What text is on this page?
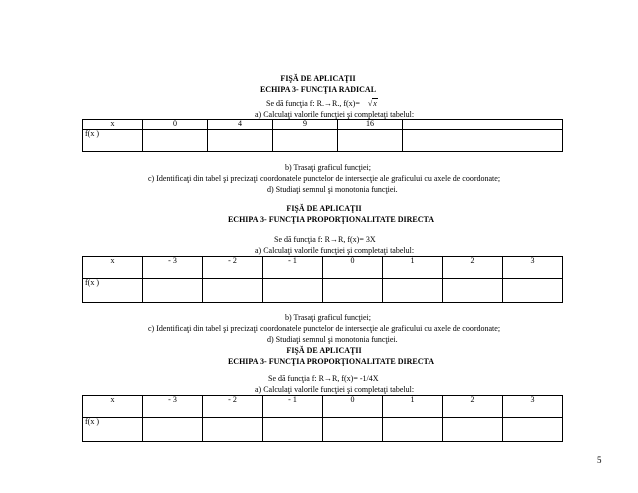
FIŞĂ DE APLICAŢII
ECHIPA 3- FUNCŢIA RADICAL
Se dă funcţia f: R.→R., f(x)= √x
a) Calculaţi valorile funcţiei şi completaţi tabelul:
x	0	4	9	16	
f(x )					
b) Trasaţi graficul funcţiei;
c) Identificaţi din tabel şi precizaţi coordonatele punctelor de intersecţie ale graficului cu axele de coordonate;
d) Studiaţi semnul şi monotonia funcţiei.
FIŞĂ DE APLICAŢII
ECHIPA 3- FUNCŢIA PROPORŢIONALITATE DIRECTA
Se dă funcţia f: R→R, f(x)= 3X
a) Calculaţi valorile funcţiei şi completaţi tabelul:
x	- 3	- 2	- 1	0	1	2	3
f(x )							
b) Trasaţi graficul funcţiei;
c) Identificaţi din tabel şi precizaţi coordonatele punctelor de intersecţie ale graficului cu axele de coordonate;
d) Studiaţi semnul şi monotonia funcţiei.
FIŞĂ DE APLICAŢII
ECHIPA 3- FUNCŢIA PROPORŢIONALITATE DIRECTA
Se dă funcţia f: R→R, f(x)= -1/4X
a) Calculaţi valorile funcţiei şi completaţi tabelul:
x	- 3	- 2	- 1	0	1	2	3
f(x )							
5
